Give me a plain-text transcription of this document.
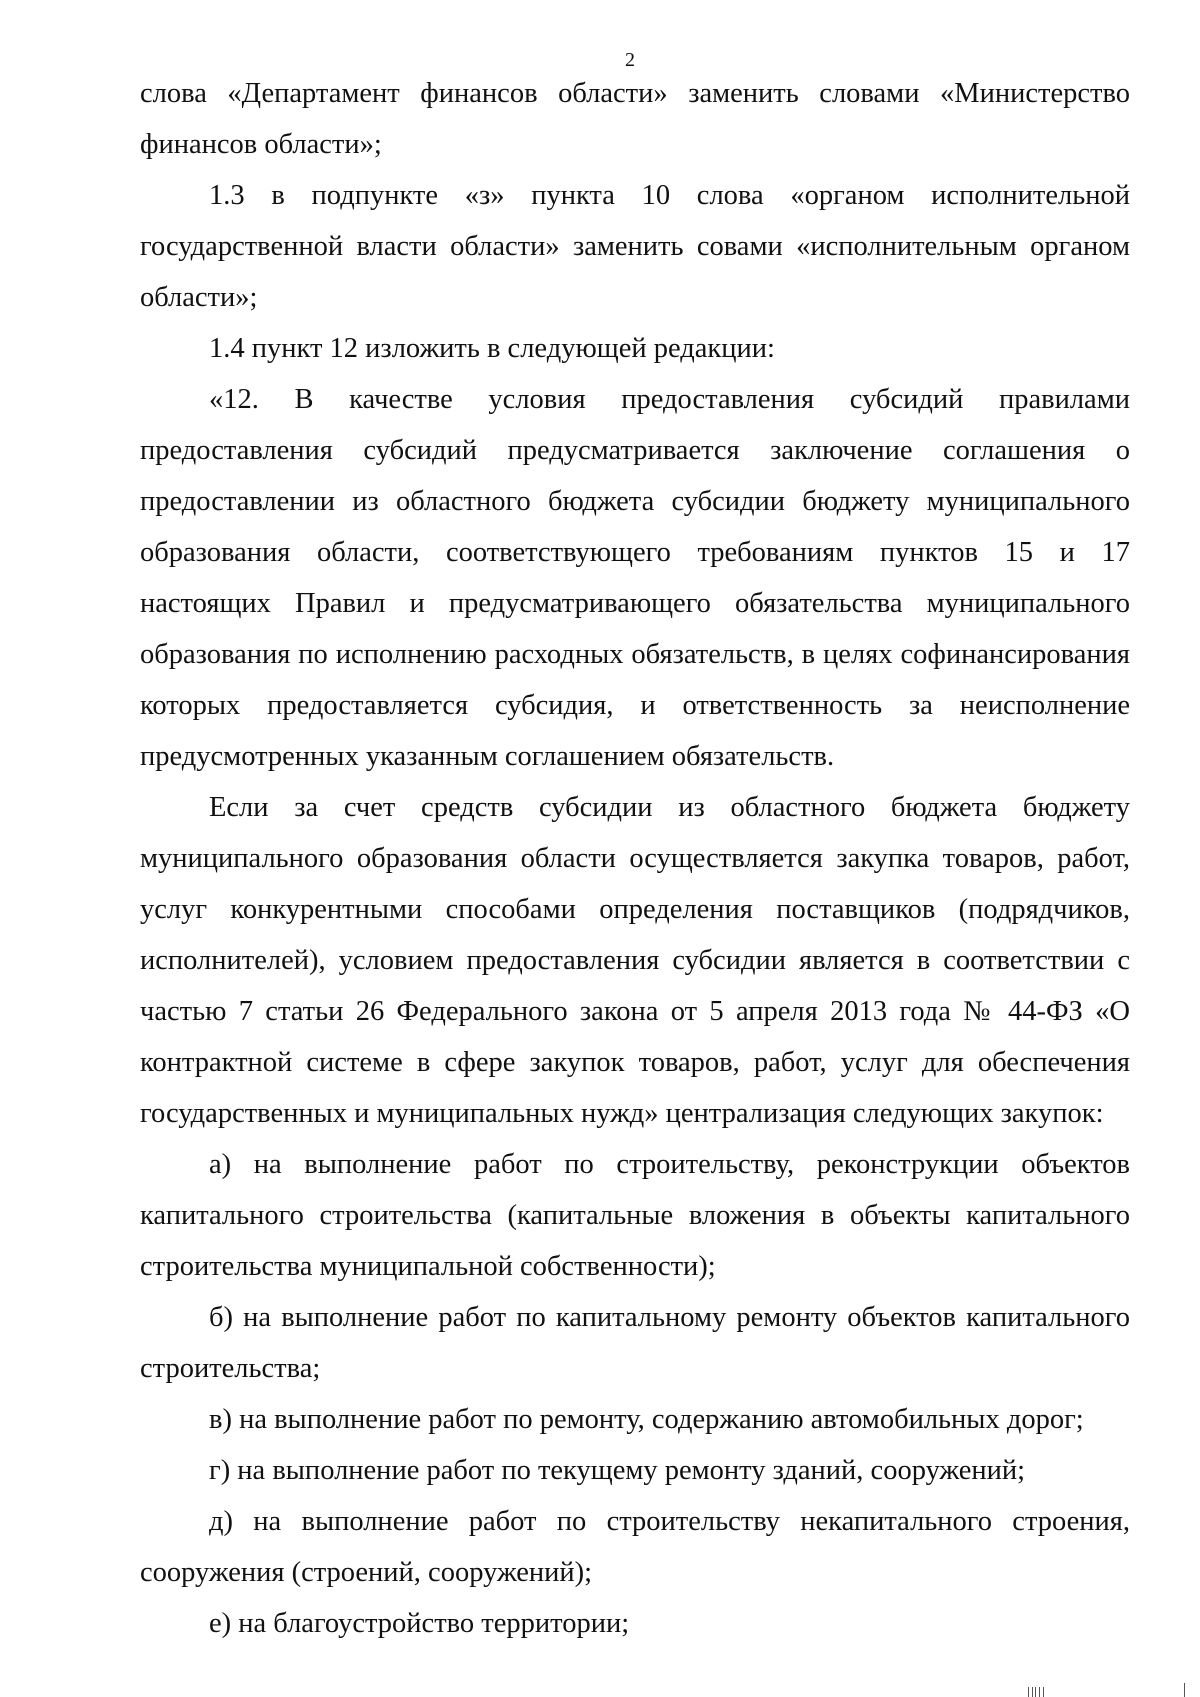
2

слова «Департамент финансов области» заменить словами «Министерство финансов области»;

1.3 в подпункте «з» пункта 10 слова «органом исполнительной государственной власти области» заменить совами «исполнительным органом области»;

1.4 пункт 12 изложить в следующей редакции:

«12. В качестве условия предоставления субсидий правилами предоставления субсидий предусматривается заключение соглашения о предоставлении из областного бюджета субсидии бюджету муниципального образования области, соответствующего требованиям пунктов 15 и 17 настоящих Правил и предусматривающего обязательства муниципального образования по исполнению расходных обязательств, в целях софинансирования которых предоставляется субсидия, и ответственность за неисполнение предусмотренных указанным соглашением обязательств.

Если за счет средств субсидии из областного бюджета бюджету муниципального образования области осуществляется закупка товаров, работ, услуг конкурентными способами определения поставщиков (подрядчиков, исполнителей), условием предоставления субсидии является в соответствии с частью 7 статьи 26 Федерального закона от 5 апреля 2013 года № 44-ФЗ «О контрактной системе в сфере закупок товаров, работ, услуг для обеспечения государственных и муниципальных нужд» централизация следующих закупок:

а) на выполнение работ по строительству, реконструкции объектов капитального строительства (капитальные вложения в объекты капитального строительства муниципальной собственности);

б) на выполнение работ по капитальному ремонту объектов капитального строительства;

в) на выполнение работ по ремонту, содержанию автомобильных дорог;

г) на выполнение работ по текущему ремонту зданий, сооружений;

д) на выполнение работ по строительству некапитального строения, сооружения (строений, сооружений);

е) на благоустройство территории;
